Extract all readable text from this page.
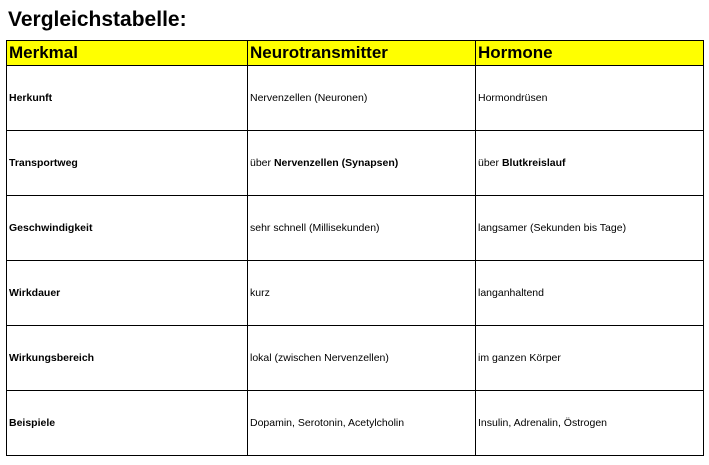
Vergleichstabelle:
Merkmal	Neurotransmitter	Hormone
Herkunft	Nervenzellen (Neuronen)	Hormondrüsen
Transportweg	über Nervenzellen (Synapsen)	über Blutkreislauf
Geschwindigkeit	sehr schnell (Millisekunden)	langsamer (Sekunden bis Tage)
Wirkdauer	kurz	langanhaltend
Wirkungsbereich	lokal (zwischen Nervenzellen)	im ganzen Körper
Beispiele	Dopamin, Serotonin, Acetylcholin	Insulin, Adrenalin, Östrogen
